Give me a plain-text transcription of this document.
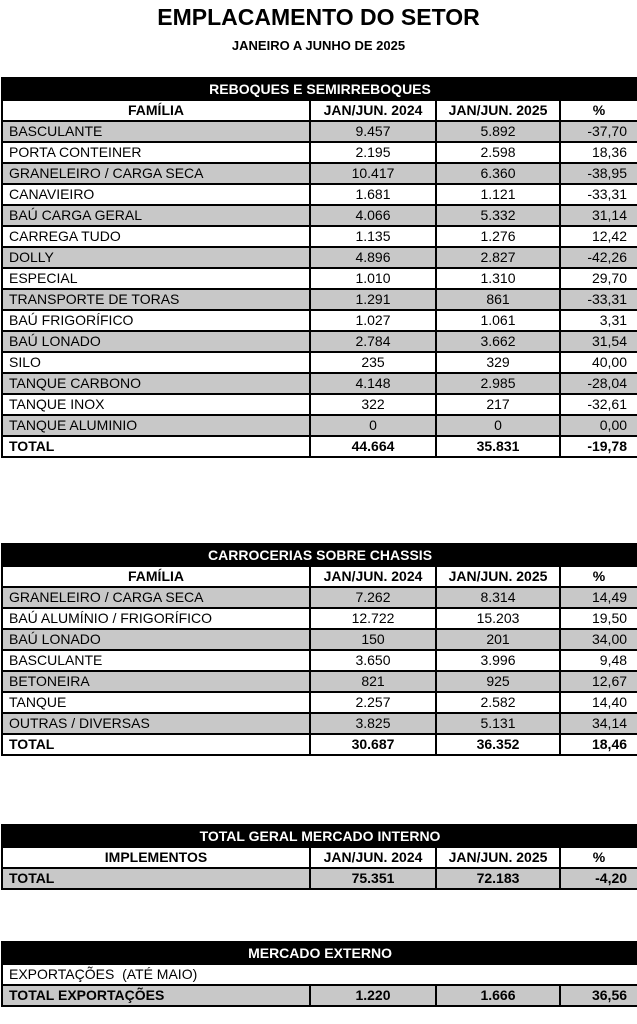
EMPLACAMENTO DO SETOR
JANEIRO A JUNHO DE 2025
REBOQUES E SEMIRREBOQUES			
FAMÍLIA	JAN/JUN. 2024	JAN/JUN. 2025	%
BASCULANTE	9.457	5.892	-37,70
PORTA CONTEINER	2.195	2.598	18,36
GRANELEIRO / CARGA SECA	10.417	6.360	-38,95
CANAVIEIRO	1.681	1.121	-33,31
BAÚ CARGA GERAL	4.066	5.332	31,14
CARREGA TUDO	1.135	1.276	12,42
DOLLY	4.896	2.827	-42,26
ESPECIAL	1.010	1.310	29,70
TRANSPORTE DE TORAS	1.291	861	-33,31
BAÚ FRIGORÍFICO	1.027	1.061	3,31
BAÚ LONADO	2.784	3.662	31,54
SILO	235	329	40,00
TANQUE CARBONO	4.148	2.985	-28,04
TANQUE INOX	322	217	-32,61
TANQUE ALUMINIO	0	0	0,00
TOTAL	44.664	35.831	-19,78
CARROCERIAS SOBRE CHASSIS			
FAMÍLIA	JAN/JUN. 2024	JAN/JUN. 2025	%
GRANELEIRO / CARGA SECA	7.262	8.314	14,49
BAÚ ALUMÍNIO / FRIGORÍFICO	12.722	15.203	19,50
BAÚ LONADO	150	201	34,00
BASCULANTE	3.650	3.996	9,48
BETONEIRA	821	925	12,67
TANQUE	2.257	2.582	14,40
OUTRAS / DIVERSAS	3.825	5.131	34,14
TOTAL	30.687	36.352	18,46
TOTAL GERAL MERCADO INTERNO			
IMPLEMENTOS	JAN/JUN. 2024	JAN/JUN. 2025	%
TOTAL	75.351	72.183	-4,20
MERCADO EXTERNO
EXPORTAÇÕES  (ATÉ MAIO)
TOTAL EXPORTAÇÕES	1.220	1.666	36,56
